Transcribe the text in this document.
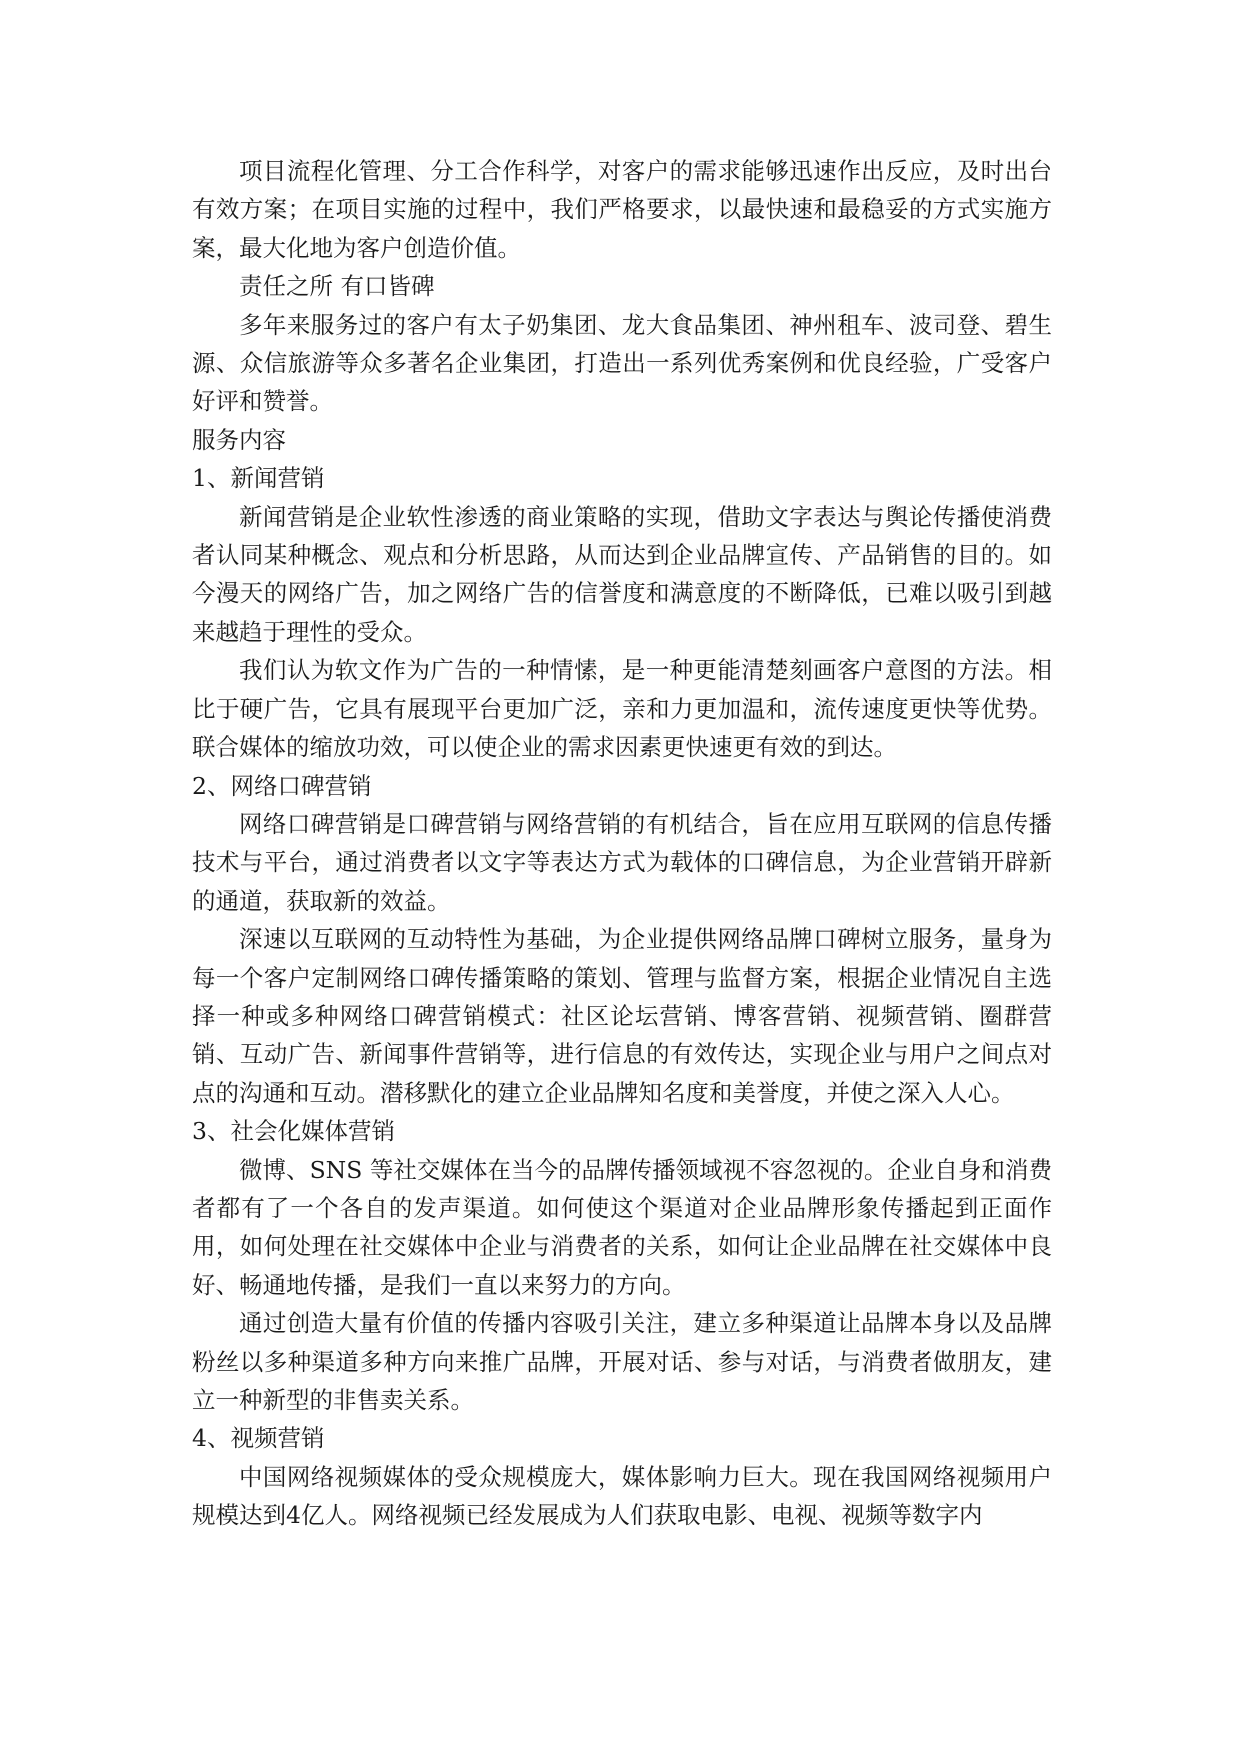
项目流程化管理、分工合作科学，对客户的需求能够迅速作出反应，及时出台有效方案；在项目实施的过程中，我们严格要求，以最快速和最稳妥的方式实施方案，最大化地为客户创造价值。

责任之所 有口皆碑

多年来服务过的客户有太子奶集团、龙大食品集团、神州租车、波司登、碧生源、众信旅游等众多著名企业集团，打造出一系列优秀案例和优良经验，广受客户好评和赞誉。

服务内容

1、新闻营销

新闻营销是企业软性渗透的商业策略的实现，借助文字表达与舆论传播使消费者认同某种概念、观点和分析思路，从而达到企业品牌宣传、产品销售的目的。如今漫天的网络广告，加之网络广告的信誉度和满意度的不断降低，已难以吸引到越来越趋于理性的受众。

我们认为软文作为广告的一种情愫，是一种更能清楚刻画客户意图的方法。相比于硬广告，它具有展现平台更加广泛，亲和力更加温和，流传速度更快等优势。联合媒体的缩放功效，可以使企业的需求因素更快速更有效的到达。

2、网络口碑营销

网络口碑营销是口碑营销与网络营销的有机结合，旨在应用互联网的信息传播技术与平台，通过消费者以文字等表达方式为载体的口碑信息，为企业营销开辟新的通道，获取新的效益。

深速以互联网的互动特性为基础，为企业提供网络品牌口碑树立服务，量身为每一个客户定制网络口碑传播策略的策划、管理与监督方案，根据企业情况自主选择一种或多种网络口碑营销模式：社区论坛营销、博客营销、视频营销、圈群营销、互动广告、新闻事件营销等，进行信息的有效传达，实现企业与用户之间点对点的沟通和互动。潜移默化的建立企业品牌知名度和美誉度，并使之深入人心。

3、社会化媒体营销

微博、SNS 等社交媒体在当今的品牌传播领域视不容忽视的。企业自身和消费者都有了一个各自的发声渠道。如何使这个渠道对企业品牌形象传播起到正面作用，如何处理在社交媒体中企业与消费者的关系，如何让企业品牌在社交媒体中良好、畅通地传播，是我们一直以来努力的方向。

通过创造大量有价值的传播内容吸引关注，建立多种渠道让品牌本身以及品牌粉丝以多种渠道多种方向来推广品牌，开展对话、参与对话，与消费者做朋友，建立一种新型的非售卖关系。

4、视频营销

中国网络视频媒体的受众规模庞大，媒体影响力巨大。现在我国网络视频用户规模达到4亿人。网络视频已经发展成为人们获取电影、电视、视频等数字内
